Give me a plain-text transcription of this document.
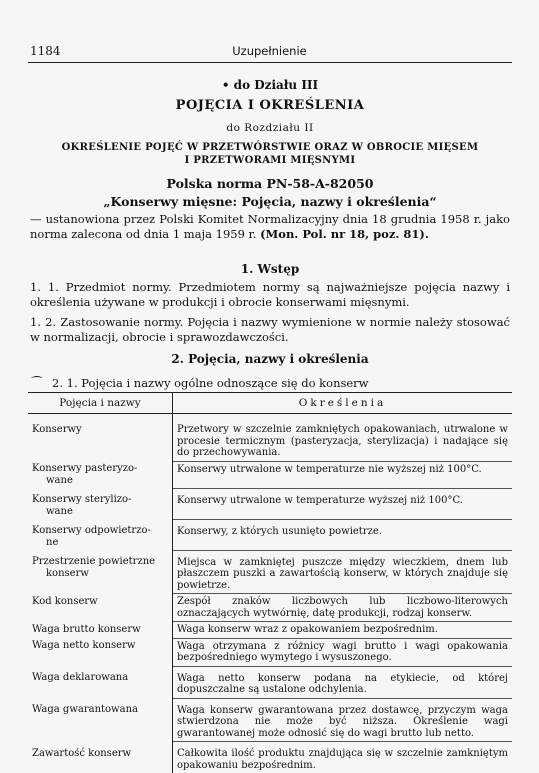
1184	Uzupełnienie
• do Działu III
POJĘCIA I OKREŚLENIA
do Rozdziału II
OKREŚLENIE POJĘĆ W PRZETWÓRSTWIE ORAZ W OBROCIE MIĘSEM
I PRZETWORAMI MIĘSNYMI
Polska norma PN-58-A-82050
„Konserwy mięsne: Pojęcia, nazwy i określenia“
— ustanowiona przez Polski Komitet Normalizacyjny dnia 18 grudnia 1958 r. jako norma zalecona od dnia 1 maja 1959 r. (Mon. Pol. nr 18, poz. 81).
1. Wstęp
1. 1. Przedmiot normy. Przedmiotem normy są najważniejsze pojęcia nazwy i określenia używane w produkcji i obrocie konserwami mięsnymi.
1. 2. Zastosowanie normy. Pojęcia i nazwy wymienione w normie należy stosować w normalizacji, obrocie i sprawozdawczości.
2. Pojęcia, nazwy i określenia
⁀ 2. 1. Pojęcia i nazwy ogólne odnoszące się do konserw
Pojęcia i nazwy	Określenia

Konserwy	Przetwory w szczelnie zamkniętych opakowaniach, utrwalone w procesie termicznym (pasteryzacja, sterylizacja) i nadające się do przechowywania.

Konserwy pasteryzo-
wane	Konserwy utrwalone w temperaturze nie wyższej niż 100°C.

Konserwy sterylizo-
wane	Konserwy utrwalone w temperaturze wyższej niż 100°C.

Konserwy odpowietrzo-
ne	Konserwy, z których usunięto powietrze.

Przestrzenie powietrzne
konserw	Miejsca w zamkniętej puszcze między wieczkiem, dnem lub płaszczem puszki a zawartością konserw, w których znajduje się powietrze.

Kod konserw	Zespół znaków liczbowych lub liczbowo-literowych oznaczających wytwórnię, datę produkcji, rodzaj konserw.

Waga brutto konserw	Waga konserw wraz z opakowaniem bezpośrednim.

Waga netto konserw	Waga otrzymana z różnicy wagi brutto i wagi opakowania bezpośredniego wymytego i wysuszonego.

Waga deklarowana	Waga netto konserw podana na etykiecie, od której dopuszczalne są ustalone odchylenia.

Waga gwarantowana	Waga konserw gwarantowana przez dostawcę, przyczym waga stwierdzona nie może być niższa. Określenie wagi gwarantowanej może odnosić się do wagi brutto lub netto.

Zawartość konserw	Całkowita ilość produktu znajdująca się w szczelnie zamkniętym opakowaniu bezpośrednim.
